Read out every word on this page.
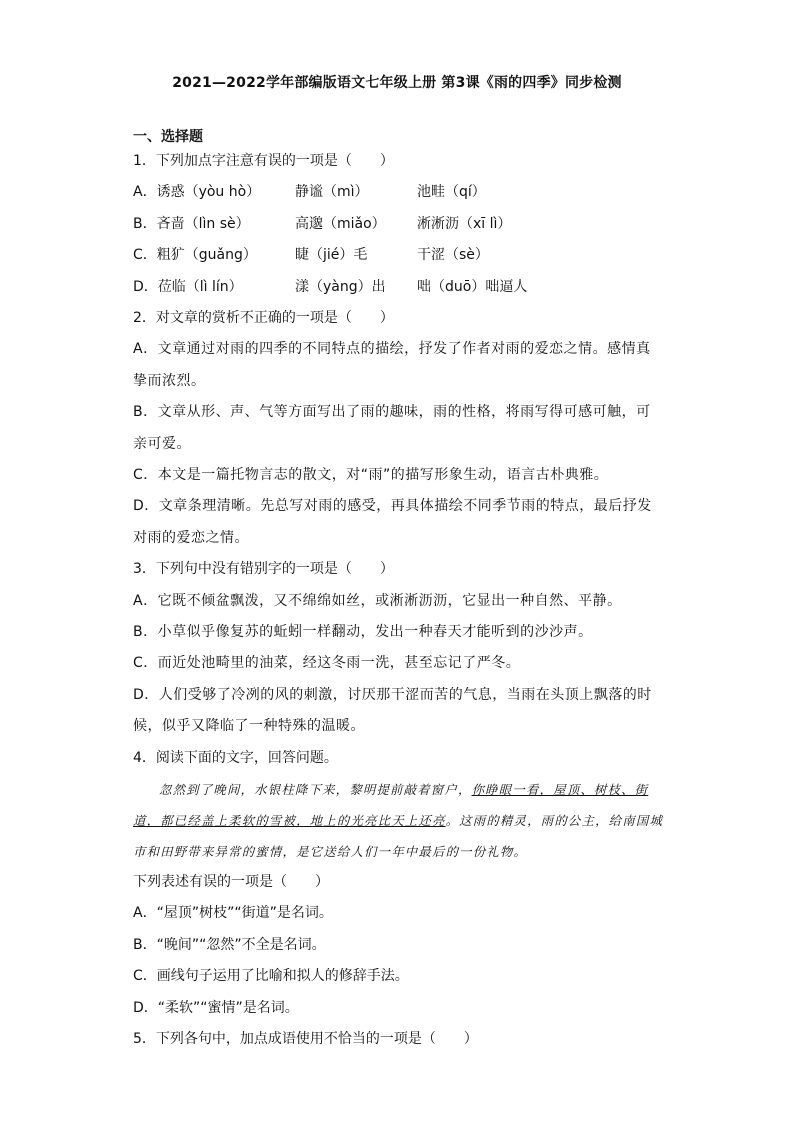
2021—2022学年部编版语文七年级上册 第3课《雨的四季》同步检测
一、选择题
1．下列加点字注意有误的一项是（　　）
A．诱惑（yòu hò）	静谧（mì）	池畦（qí）
B．吝啬（lìn sè）	高邈（miǎo）	淅淅沥（xī lì）
C．粗犷（guǎng）	睫（jié）毛	干涩（sè）
D．莅临（lì lín）	漾（yàng）出	咄（duō）咄逼人
2．对文章的赏析不正确的一项是（　　）
A．文章通过对雨的四季的不同特点的描绘，抒发了作者对雨的爱恋之情。感情真挚而浓烈。
B．文章从形、声、气等方面写出了雨的趣味，雨的性格，将雨写得可感可触，可亲可爱。
C．本文是一篇托物言志的散文，对“雨”的描写形象生动，语言古朴典雅。
D．文章条理清晰。先总写对雨的感受，再具体描绘不同季节雨的特点，最后抒发对雨的爱恋之情。
3．下列句中没有错别字的一项是（　　）
A．它既不倾盆飘泼，又不绵绵如丝，或淅淅沥沥，它显出一种自然、平静。
B．小草似乎像复苏的蚯蚓一样翻动，发出一种春天才能听到的沙沙声。
C．而近处池畸里的油菜，经这冬雨一洗，甚至忘记了严冬。
D．人们受够了冷冽的风的刺激，讨厌那干涩而苦的气息，当雨在头顶上飘落的时候，似乎又降临了一种特殊的温暖。
4．阅读下面的文字，回答问题。

忽然到了晚间，水银柱降下来，黎明提前敲着窗户，你睁眼一看，屋顶、树枝、街道，都已经盖上柔软的雪被，地上的光亮比天上还亮。这雨的精灵，雨的公主，给南国城市和田野带来异常的蜜情，是它送给人们一年中最后的一份礼物。

下列表述有误的一项是（　　）
A．“屋顶”树枝”“街道”是名词。
B．“晚间”“忽然”不全是名词。
C．画线句子运用了比喻和拟人的修辞手法。
D．“柔软”“蜜情”是名词。
5．下列各句中，加点成语使用不恰当的一项是（　　）
